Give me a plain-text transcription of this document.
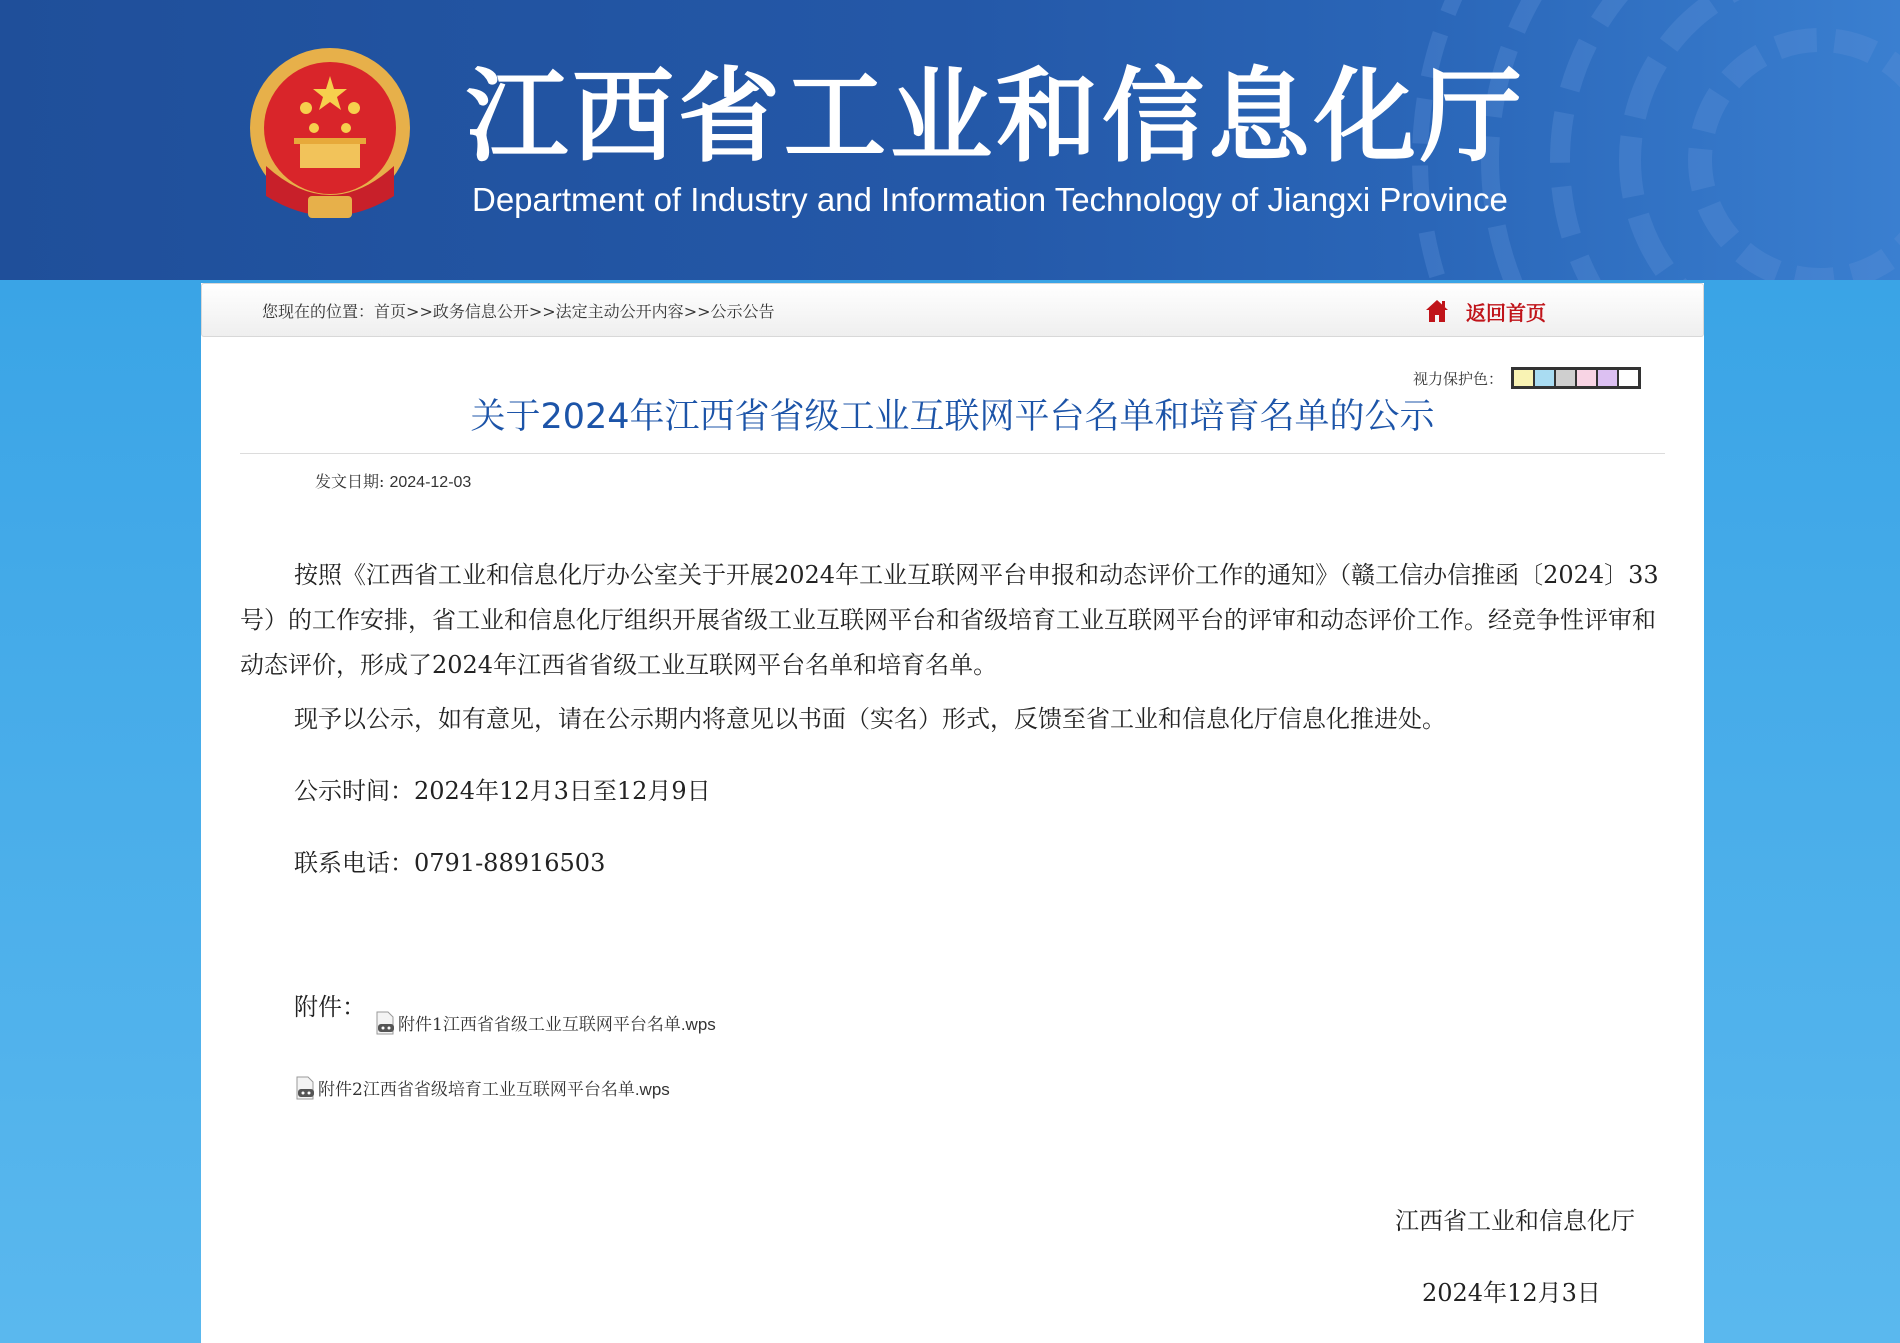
江西省工业和信息化厅
Department of Industry and Information Technology of Jiangxi Province
您现在的位置：首页>>政务信息公开>>法定主动公开内容>>公示公告	返回首页
视力保护色：
关于2024年江西省省级工业互联网平台名单和培育名单的公示
发文日期: 2024-12-03

按照《江西省工业和信息化厅办公室关于开展2024年工业互联网平台申报和动态评价工作的通知》（赣工信办信推函〔2024〕33号）的工作安排，省工业和信息化厅组织开展省级工业互联网平台和省级培育工业互联网平台的评审和动态评价工作。经竞争性评审和动态评价，形成了2024年江西省省级工业互联网平台名单和培育名单。

现予以公示，如有意见，请在公示期内将意见以书面（实名）形式，反馈至省工业和信息化厅信息化推进处。

公示时间：2024年12月3日至12月9日

联系电话：0791-88916503

附件：
附件1江西省省级工业互联网平台名单 .wps
附件2江西省省级培育工业互联网平台名单 .wps
江西省工业和信息化厅
2024年12月3日
